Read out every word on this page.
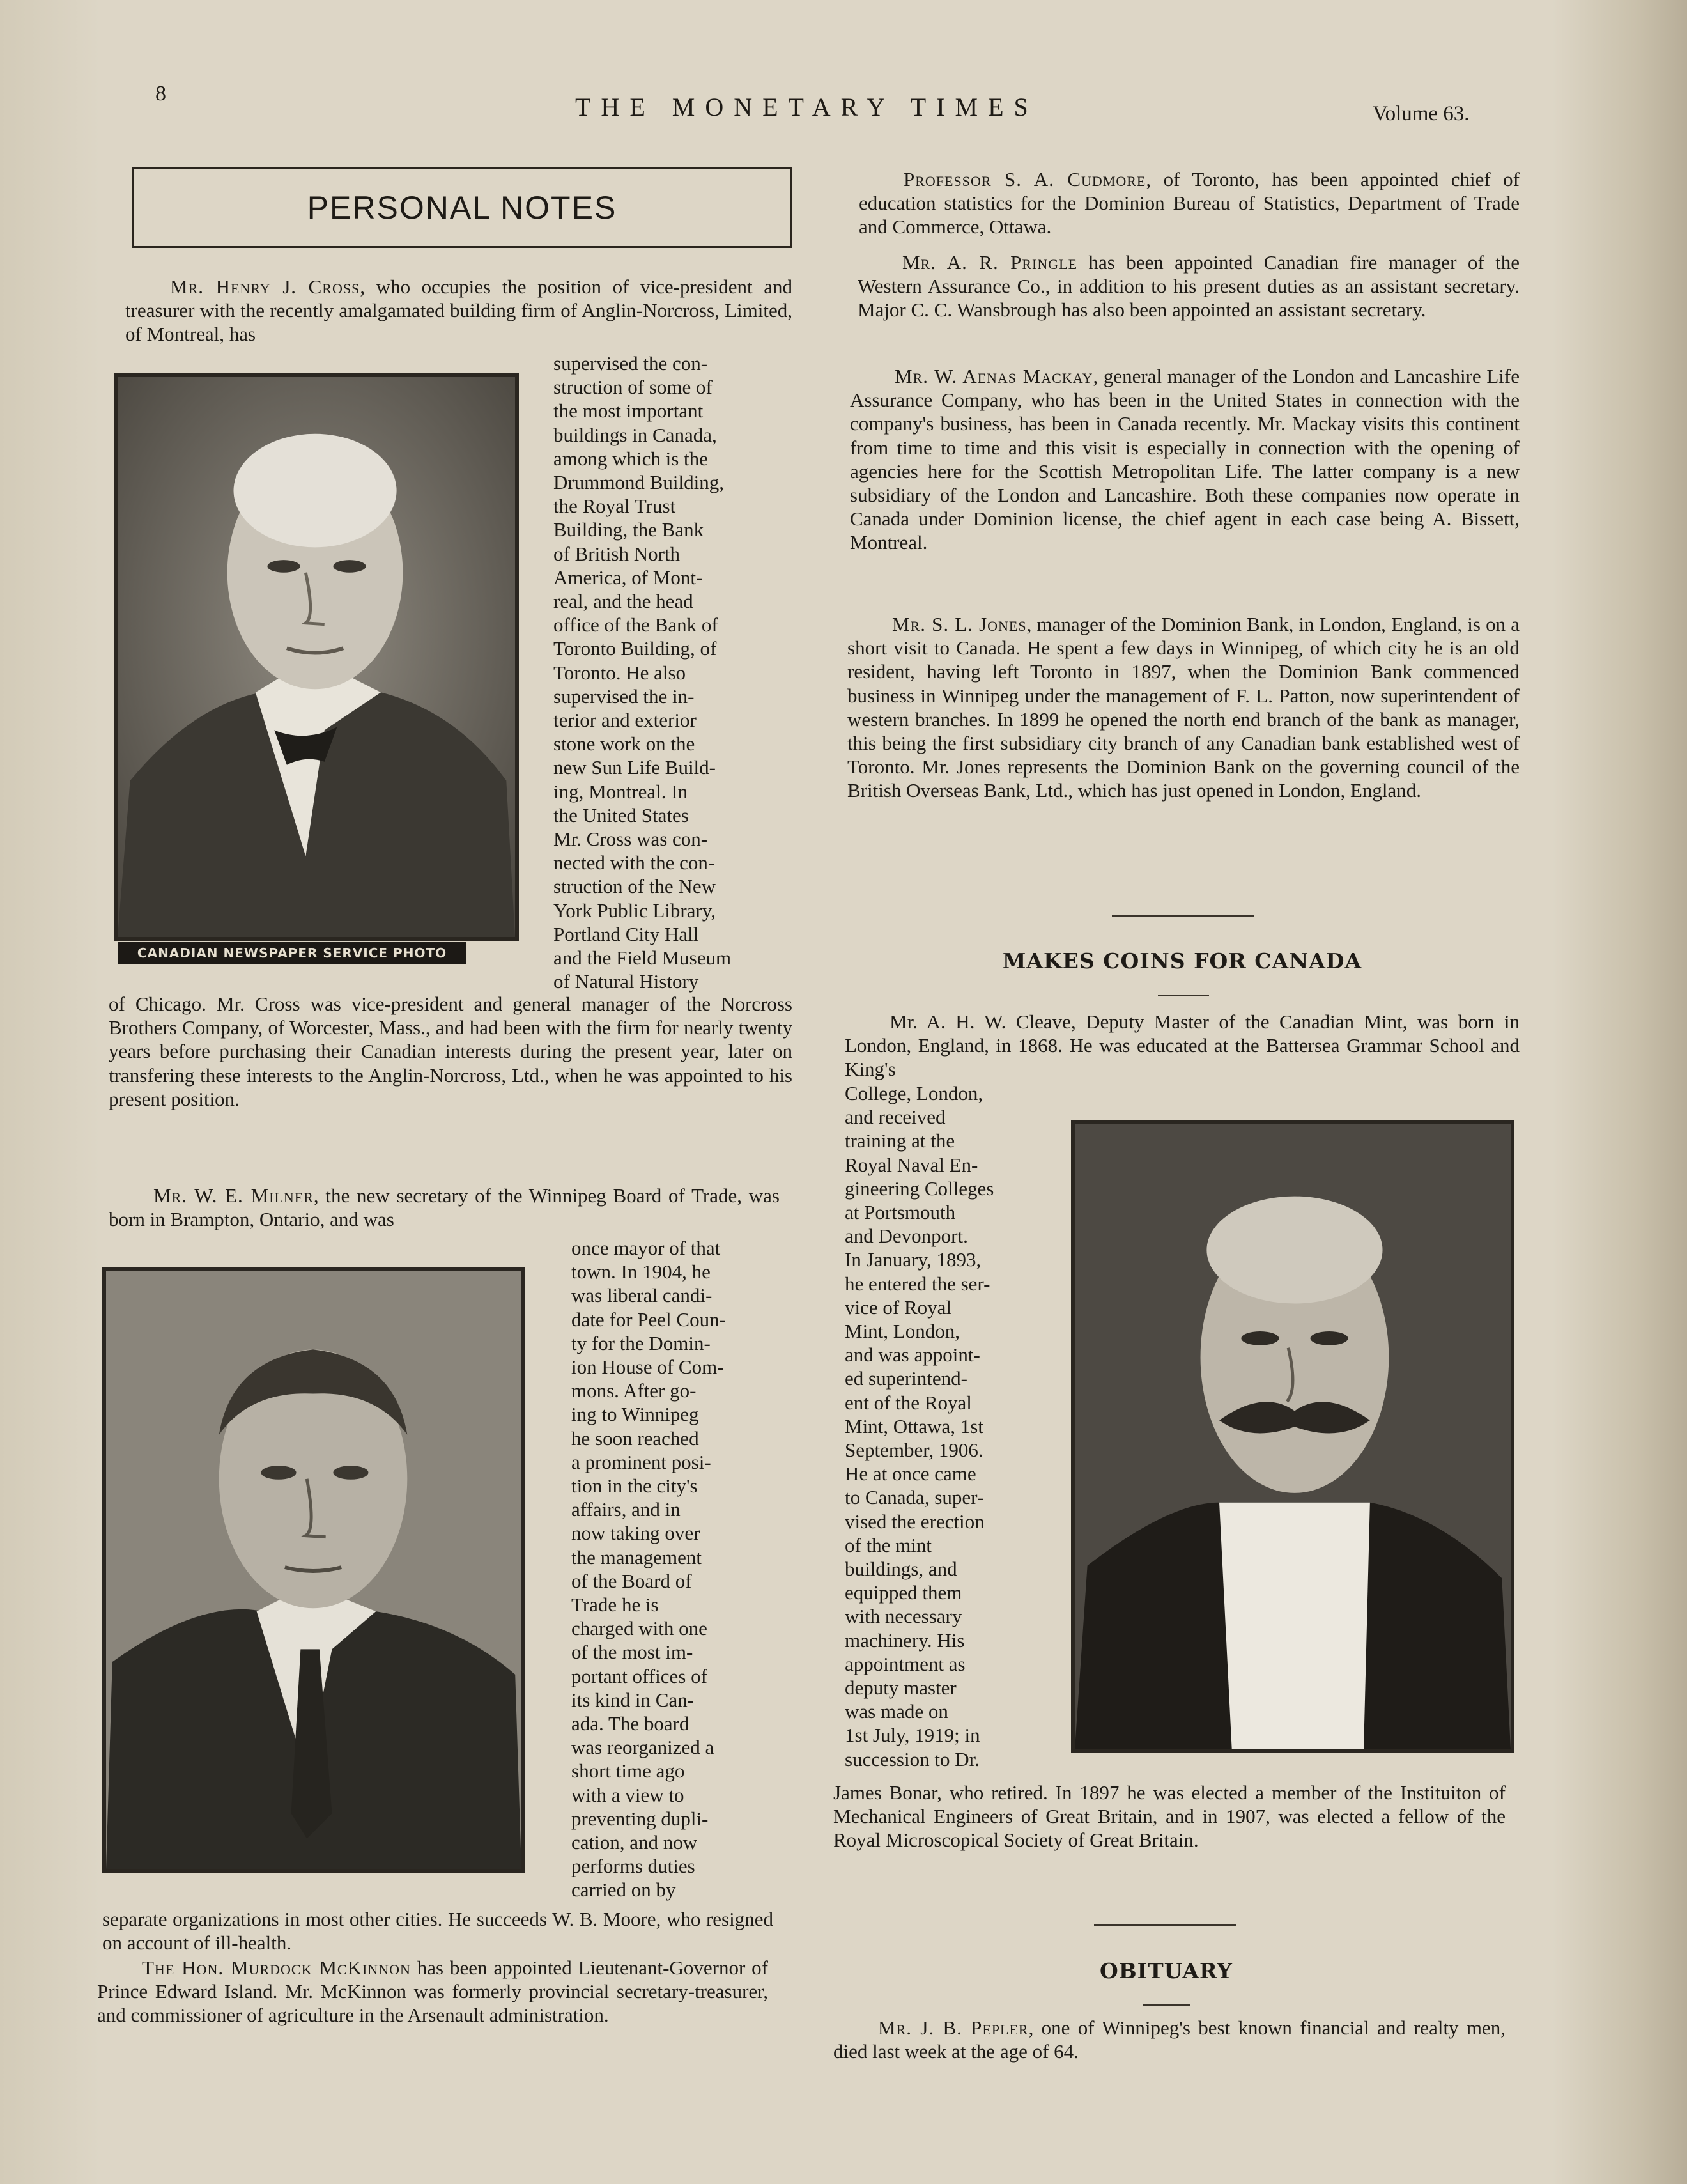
8	THE MONETARY TIMES	Volume 63.
PERSONAL NOTES

Mr. Henry J. Cross, who occupies the position of vice-president and treasurer with the recently amalgamated building firm of Anglin-Norcross, Limited, of Montreal, has

CANADIAN NEWSPAPER SERVICE PHOTO

supervised the con-

struction of some of

the most important

buildings in Canada,

among which is the

Drummond Building,

the Royal Trust

Building, the Bank

of British North

America, of Mont-

real, and the head

office of the Bank of

Toronto Building, of

Toronto. He also

supervised the in-

terior and exterior

stone work on the

new Sun Life Build-

ing, Montreal. In

the United States

Mr. Cross was con-

nected with the con-

struction of the New

York Public Library,

Portland City Hall

and the Field Museum

of Natural History

of Chicago. Mr. Cross was vice-president and general manager of the Norcross Brothers Company, of Worcester, Mass., and had been with the firm for nearly twenty years before purchasing their Canadian interests during the present year, later on transfering these interests to the Anglin-Norcross, Ltd., when he was appointed to his present position.

Mr. W. E. Milner, the new secretary of the Winnipeg Board of Trade, was born in Brampton, Ontario, and was

once mayor of that

town. In 1904, he

was liberal candi-

date for Peel Coun-

ty for the Domin-

ion House of Com-

mons. After go-

ing to Winnipeg

he soon reached

a prominent posi-

tion in the city's

affairs, and in

now taking over

the management

of the Board of

Trade he is

charged with one

of the most im-

portant offices of

its kind in Can-

ada. The board

was reorganized a

short time ago

with a view to

preventing dupli-

cation, and now

performs duties

carried on by

separate organizations in most other cities. He succeeds W. B. Moore, who resigned on account of ill-health.

The Hon. Murdock McKinnon has been appointed Lieutenant-Governor of Prince Edward Island. Mr. McKinnon was formerly provincial secretary-treasurer, and commissioner of agriculture in the Arsenault administration.

Professor S. A. Cudmore, of Toronto, has been appointed chief of education statistics for the Dominion Bureau of Statistics, Department of Trade and Commerce, Ottawa.

Mr. A. R. Pringle has been appointed Canadian fire manager of the Western Assurance Co., in addition to his present duties as an assistant secretary. Major C. C. Wansbrough has also been appointed an assistant secretary.

Mr. W. Aenas Mackay, general manager of the London and Lancashire Life Assurance Company, who has been in the United States in connection with the company's business, has been in Canada recently. Mr. Mackay visits this continent from time to time and this visit is especially in connection with the opening of agencies here for the Scottish Metropolitan Life. The latter company is a new subsidiary of the London and Lancashire. Both these companies now operate in Canada under Dominion license, the chief agent in each case being A. Bissett, Montreal.

Mr. S. L. Jones, manager of the Dominion Bank, in London, England, is on a short visit to Canada. He spent a few days in Winnipeg, of which city he is an old resident, having left Toronto in 1897, when the Dominion Bank commenced business in Winnipeg under the management of F. L. Patton, now superintendent of western branches. In 1899 he opened the north end branch of the bank as manager, this being the first subsidiary city branch of any Canadian bank established west of Toronto. Mr. Jones represents the Dominion Bank on the governing council of the British Overseas Bank, Ltd., which has just opened in London, England.

MAKES COINS FOR CANADA

Mr. A. H. W. Cleave, Deputy Master of the Canadian Mint, was born in London, England, in 1868. He was educated at the Battersea Grammar School and King's

College, London,

and received

training at the

Royal Naval En-

gineering Colleges

at Portsmouth

and Devonport.

In January, 1893,

he entered the ser-

vice of Royal

Mint, London,

and was appoint-

ed superintend-

ent of the Royal

Mint, Ottawa, 1st

September, 1906.

He at once came

to Canada, super-

vised the erection

of the mint

buildings, and

equipped them

with necessary

machinery. His

appointment as

deputy master

was made on

1st July, 1919; in

succession to Dr.

James Bonar, who retired. In 1897 he was elected a member of the Instituiton of Mechanical Engineers of Great Britain, and in 1907, was elected a fellow of the Royal Microscopical Society of Great Britain.
OBITUARY

Mr. J. B. Pepler, one of Winnipeg's best known financial and realty men, died last week at the age of 64.
